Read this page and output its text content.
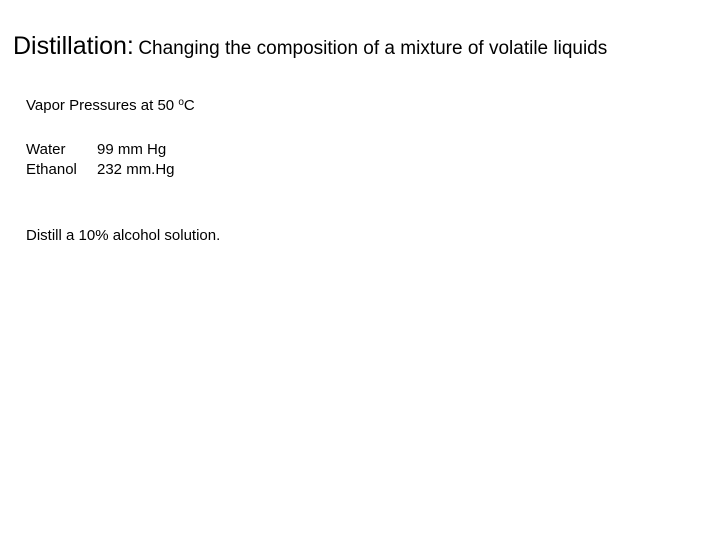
Distillation: Changing the composition of a mixture of volatile liquids
Vapor Pressures at 50 $^o$C
Water	99 mm Hg
Ethanol	232 mm.Hg
Distill a 10% alcohol solution.
